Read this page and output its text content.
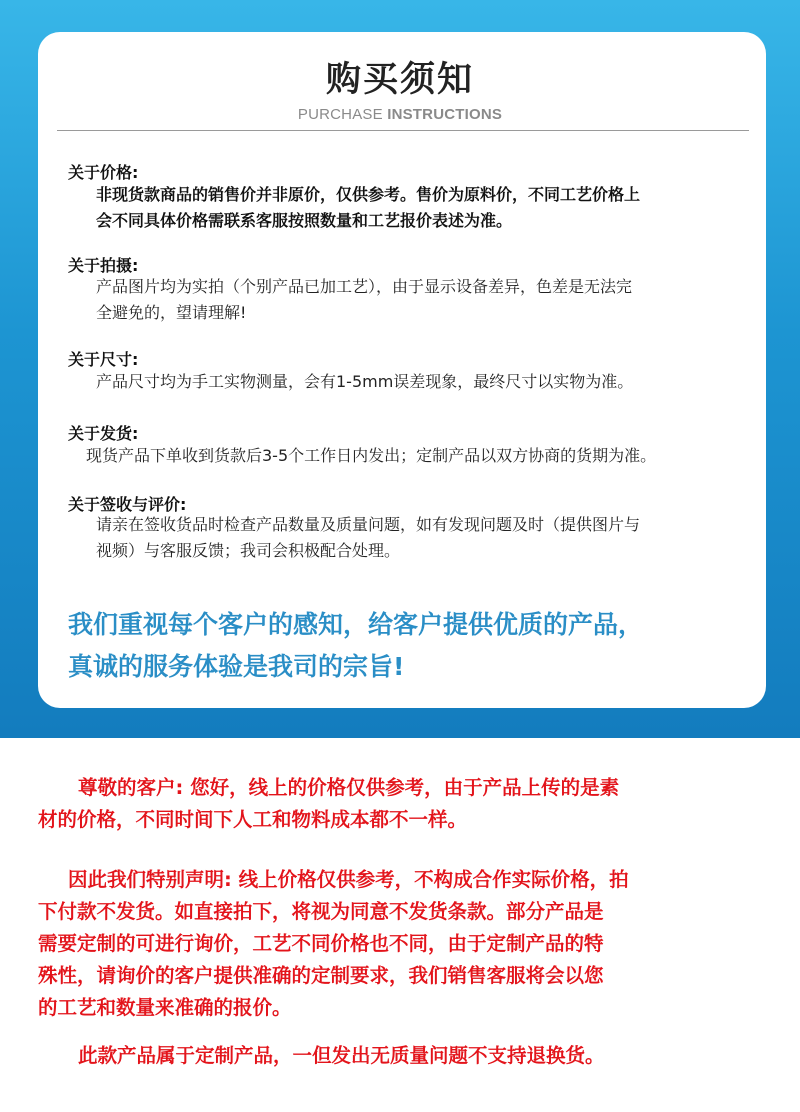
购买须知
PURCHASE INSTRUCTIONS
关于价格:
非现货款商品的销售价并非原价，仅供参考。售价为原料价，不同工艺价格上
会不同具体价格需联系客服按照数量和工艺报价表述为准。
关于拍摄:
产品图片均为实拍（个别产品已加工艺），由于显示设备差异，色差是无法完
全避免的，望请理解!
关于尺寸:
产品尺寸均为手工实物测量，会有1-5mm误差现象，最终尺寸以实物为准。
关于发货:
现货产品下单收到货款后3-5个工作日内发出；定制产品以双方协商的货期为准。
关于签收与评价:
请亲在签收货品时检查产品数量及质量问题，如有发现问题及时（提供图片与
视频）与客服反馈；我司会积极配合处理。
我们重视每个客户的感知，给客户提供优质的产品，
真诚的服务体验是我司的宗旨!
尊敬的客户: 您好，线上的价格仅供参考，由于产品上传的是素
材的价格，不同时间下人工和物料成本都不一样。
因此我们特别声明: 线上价格仅供参考，不构成合作实际价格，拍
下付款不发货。如直接拍下，将视为同意不发货条款。部分产品是
需要定制的可进行询价，工艺不同价格也不同，由于定制产品的特
殊性，请询价的客户提供准确的定制要求，我们销售客服将会以您
的工艺和数量来准确的报价。
此款产品属于定制产品，一但发出无质量问题不支持退换货。
